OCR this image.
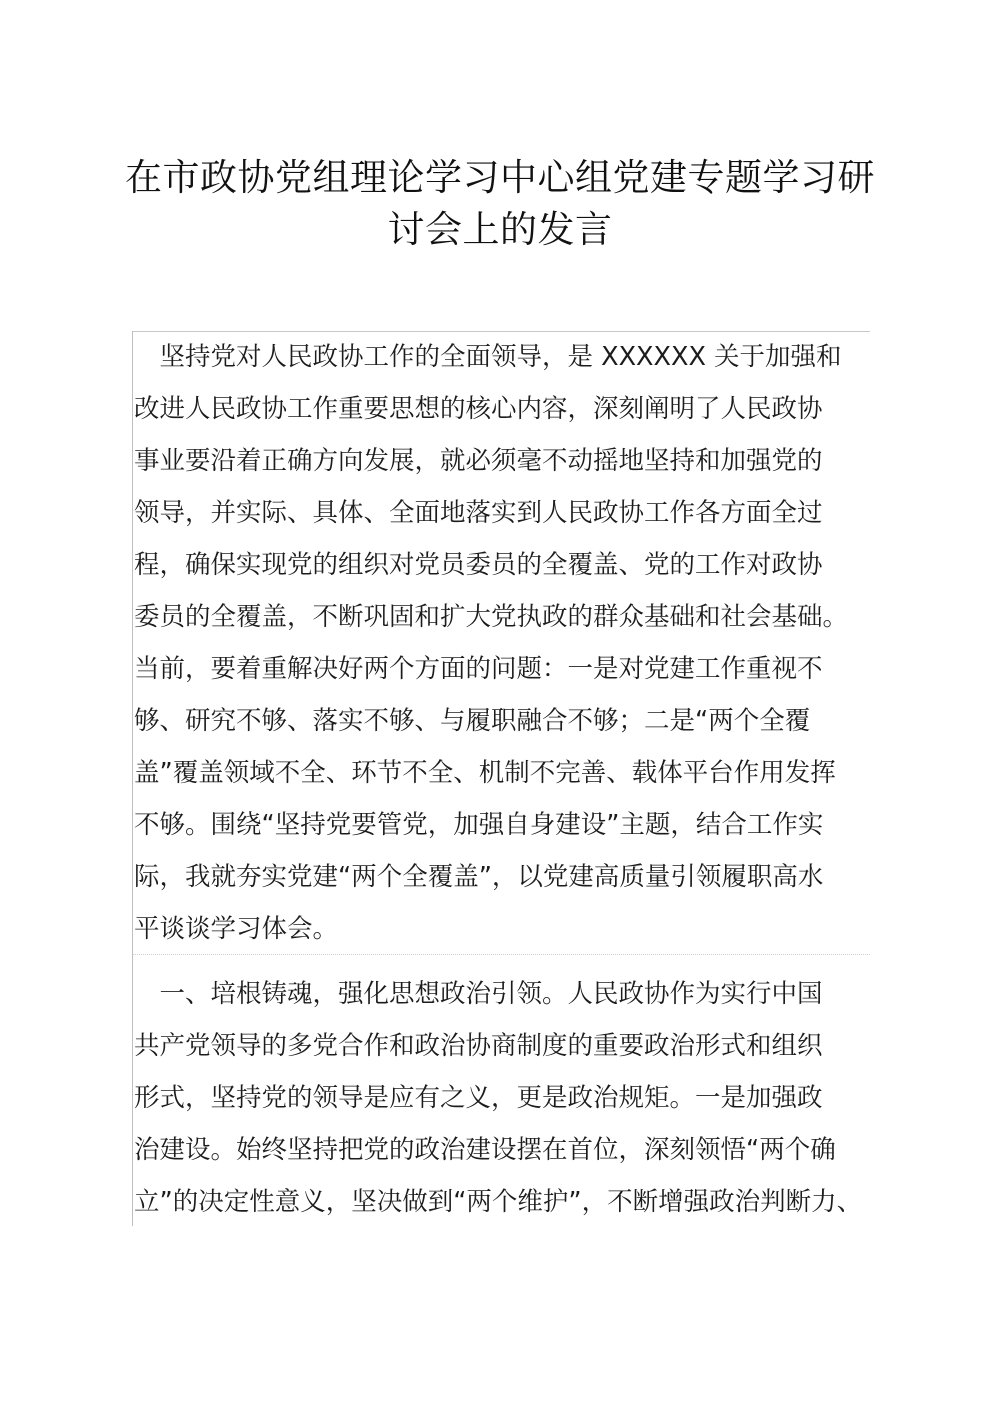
在市政协党组理论学习中心组党建专题学习研
讨会上的发言
　坚持党对人民政协工作的全面领导，是 XXXXXX 关于加强和
改进人民政协工作重要思想的核心内容，深刻阐明了人民政协
事业要沿着正确方向发展，就必须毫不动摇地坚持和加强党的
领导，并实际、具体、全面地落实到人民政协工作各方面全过
程，确保实现党的组织对党员委员的全覆盖、党的工作对政协
委员的全覆盖，不断巩固和扩大党执政的群众基础和社会基础。
当前，要着重解决好两个方面的问题：一是对党建工作重视不
够、研究不够、落实不够、与履职融合不够；二是“两个全覆
盖”覆盖领域不全、环节不全、机制不完善、载体平台作用发挥
不够。围绕“坚持党要管党，加强自身建设”主题，结合工作实
际，我就夯实党建“两个全覆盖”，以党建高质量引领履职高水
平谈谈学习体会。
　一、培根铸魂，强化思想政治引领。人民政协作为实行中国
共产党领导的多党合作和政治协商制度的重要政治形式和组织
形式，坚持党的领导是应有之义，更是政治规矩。一是加强政
治建设。始终坚持把党的政治建设摆在首位，深刻领悟“两个确
立”的决定性意义，坚决做到“两个维护”，不断增强政治判断力、
